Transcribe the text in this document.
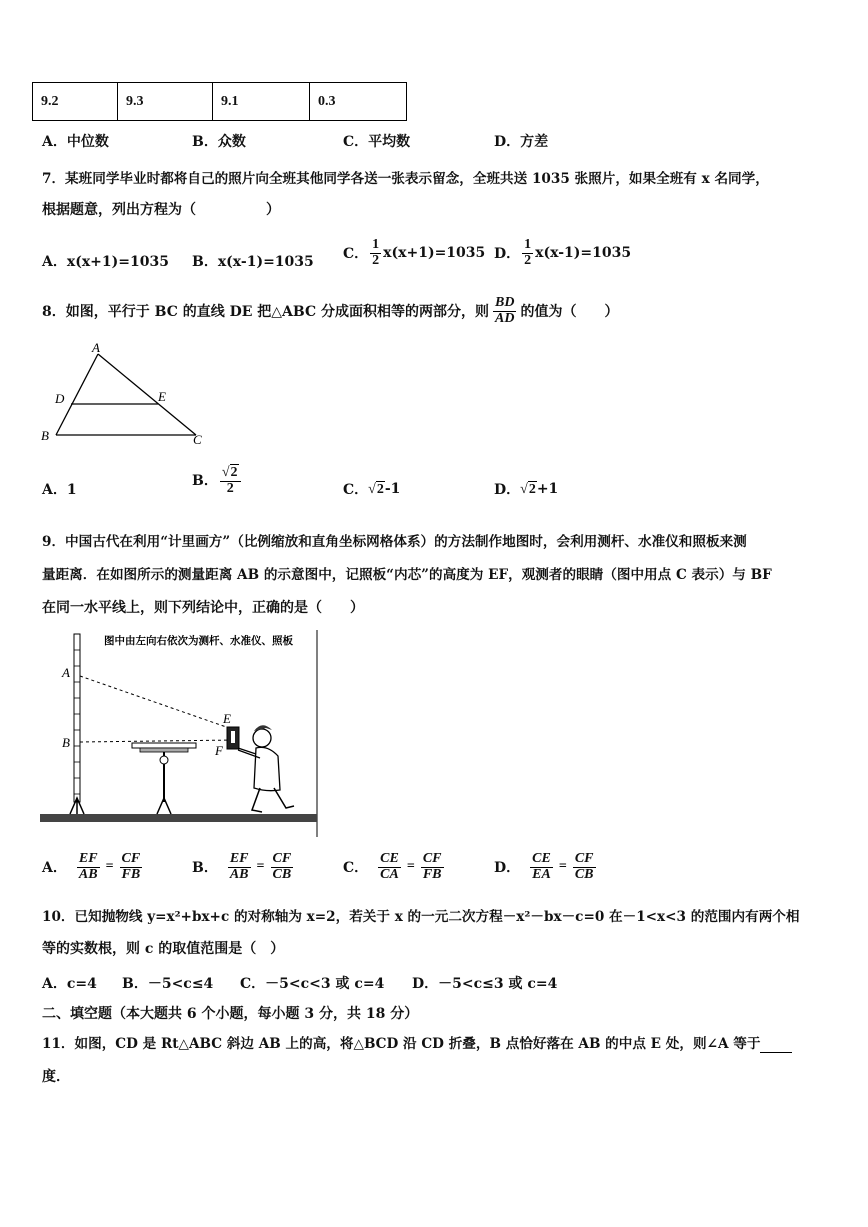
9.2	9.3	9.1	0.3
A．中位数	B．众数	C．平均数	D．方差
7．某班同学毕业时都将自己的照片向全班其他同学各送一张表示留念，全班共送 1035 张照片，如果全班有 x 名同学，
根据题意，列出方程为（　　　　　）
A．x(x+1)=1035 B．x(x-1)=1035 C． $\frac{1}{2} x(x+1)=1035$ D． $\frac{1}{2} x(x-1)=1035$
8．如图，平行于 BC 的直线 DE 把△ABC 分成面积相等的两部分，则 $\frac{BD}{AD}$ 的值为（　　）
A
D	E
B	C
A．1
B． $\frac{√2}{2}$	C． √2 -1	D． √2 +1
9．中国古代在利用“计里画方”（比例缩放和直角坐标网格体系）的方法制作地图时，会利用测杆、水准仪和照板来测
量距离．在如图所示的测量距离 AB 的示意图中，记照板“内芯”的高度为 EF，观测者的眼睛（图中用点 C 表示）与 BF
在同一水平线上，则下列结论中，正确的是（　　）
图中由左向右依次为测杆、水准仪、照板
A
B
E
F
A． $\frac{EF}{AB} = \frac{CF}{FB}$	B． $\frac{EF}{AB} = \frac{CF}{CB}$	C． $\frac{CE}{CA} = \frac{CF}{FB}$	D． $\frac{CE}{EA} = \frac{CF}{CB}$
10．已知抛物线 y=x²+bx+c 的对称轴为 x=2，若关于 x 的一元二次方程－x²－bx－c=0 在－1<x<3 的范围内有两个相
等的实数根，则 c 的取值范围是（　）
A．c=4 B．－5<c≤4 C．－5<c<3 或 c=4 D．－5<c≤3 或 c=4
二、填空题（本大题共 6 个小题，每小题 3 分，共 18 分）
11．如图，CD 是 Rt△ABC 斜边 AB 上的高，将△BCD 沿 CD 折叠，B 点恰好落在 AB 的中点 E 处，则∠A 等于
度．
